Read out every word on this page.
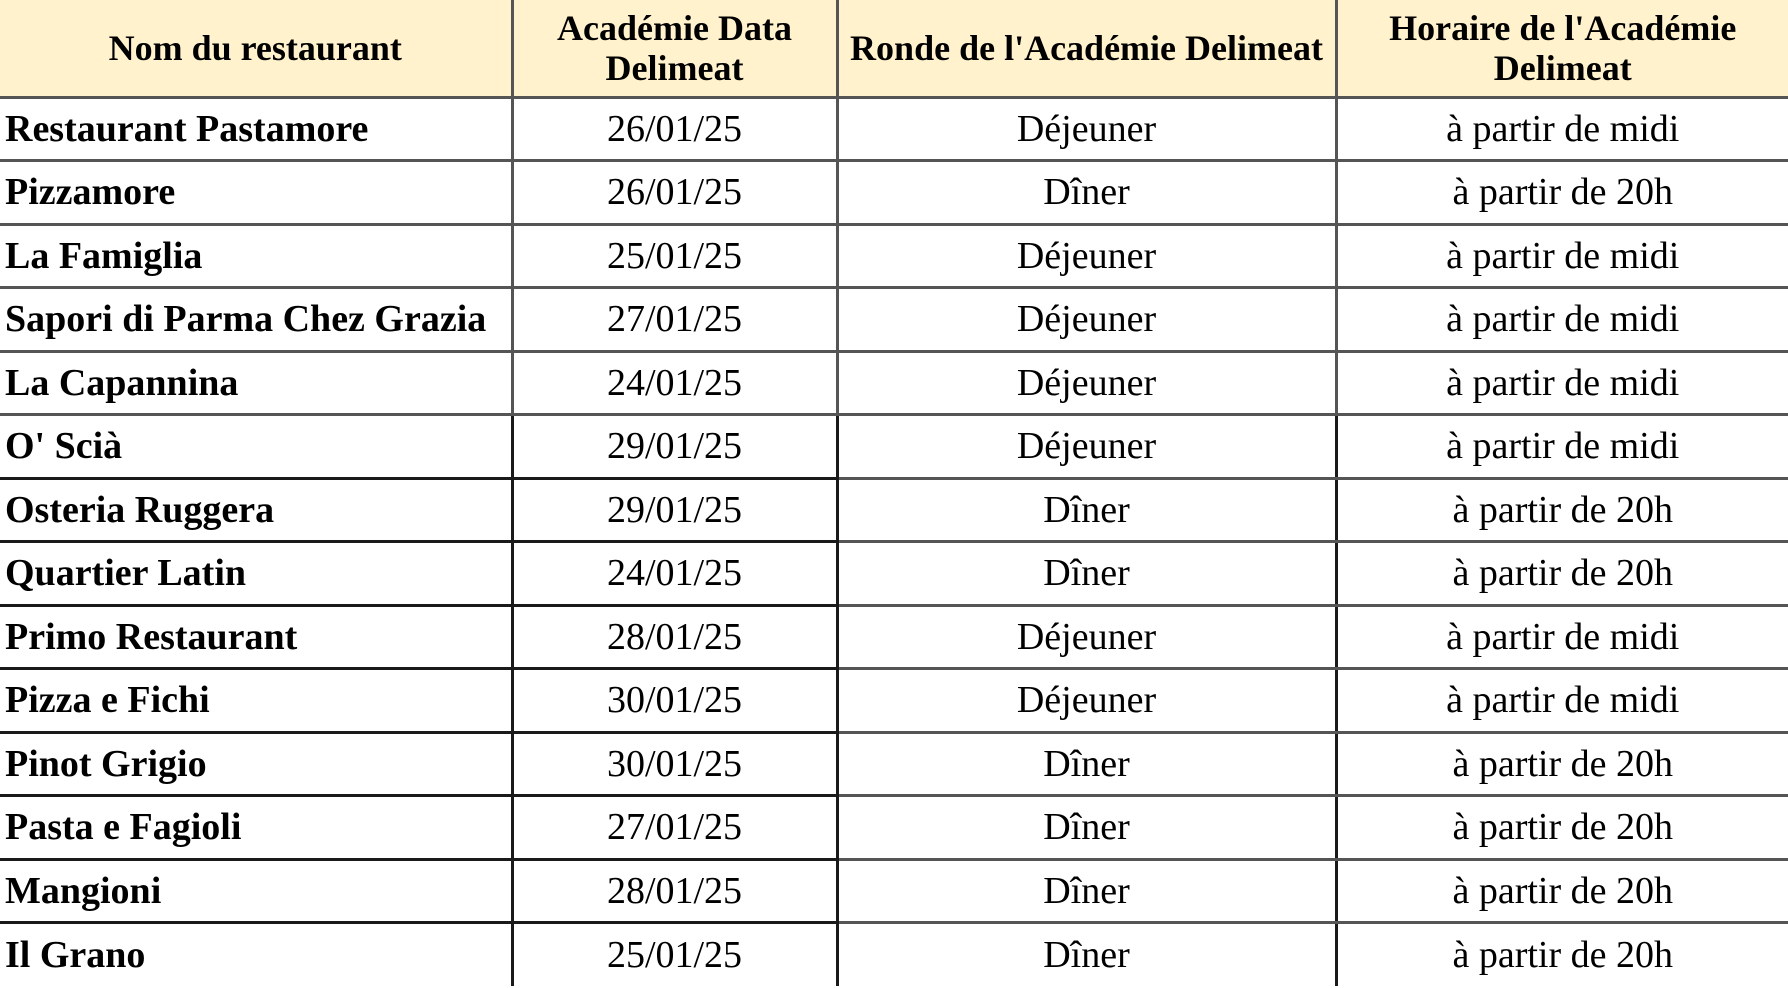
Nom du restaurant	Académie Data Delimeat	Ronde de l'Académie Delimeat	Horaire de l'Académie Delimeat
Restaurant Pastamore	26/01/25	Déjeuner	à partir de midi
Pizzamore	26/01/25	Dîner	à partir de 20h
La Famiglia	25/01/25	Déjeuner	à partir de midi
Sapori di Parma Chez Grazia	27/01/25	Déjeuner	à partir de midi
La Capannina	24/01/25	Déjeuner	à partir de midi
O' Scià	29/01/25	Déjeuner	à partir de midi
Osteria Ruggera	29/01/25	Dîner	à partir de 20h
Quartier Latin	24/01/25	Dîner	à partir de 20h
Primo Restaurant	28/01/25	Déjeuner	à partir de midi
Pizza e Fichi	30/01/25	Déjeuner	à partir de midi
Pinot Grigio	30/01/25	Dîner	à partir de 20h
Pasta e Fagioli	27/01/25	Dîner	à partir de 20h
Mangioni	28/01/25	Dîner	à partir de 20h
Il Grano	25/01/25	Dîner	à partir de 20h
